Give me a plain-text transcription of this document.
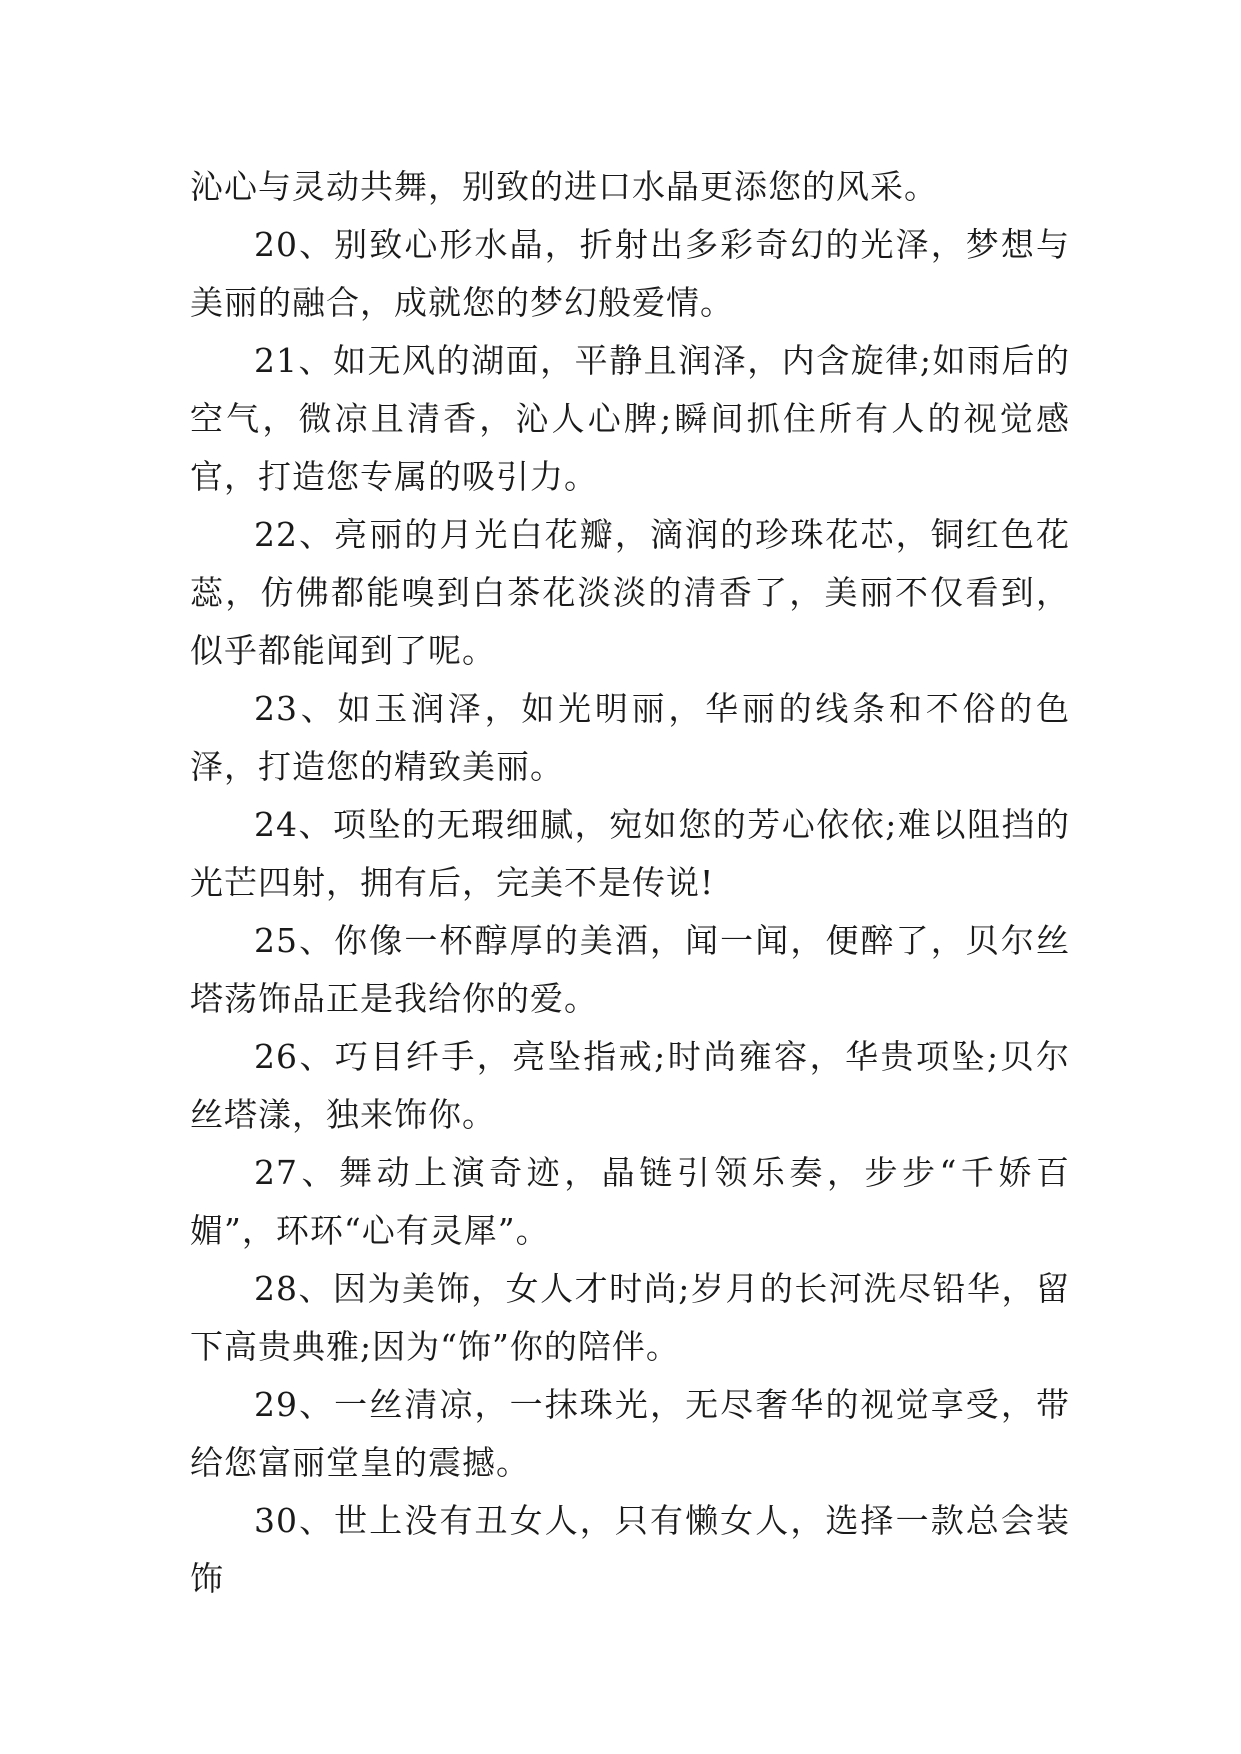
沁心与灵动共舞，别致的进口水晶更添您的风采。

20、别致心形水晶，折射出多彩奇幻的光泽，梦想与美丽的融合，成就您的梦幻般爱情。

21、如无风的湖面，平静且润泽，内含旋律;如雨后的空气，微凉且清香，沁人心脾;瞬间抓住所有人的视觉感官，打造您专属的吸引力。

22、亮丽的月光白花瓣，滴润的珍珠花芯，铜红色花蕊，仿佛都能嗅到白茶花淡淡的清香了，美丽不仅看到，似乎都能闻到了呢。

23、如玉润泽，如光明丽，华丽的线条和不俗的色泽，打造您的精致美丽。

24、项坠的无瑕细腻，宛如您的芳心依依;难以阻挡的光芒四射，拥有后，完美不是传说!

25、你像一杯醇厚的美酒，闻一闻，便醉了，贝尔丝塔荡饰品正是我给你的爱。

26、巧目纤手，亮坠指戒;时尚雍容，华贵项坠;贝尔丝塔漾，独来饰你。

27、舞动上演奇迹，晶链引领乐奏，步步“千娇百媚”，环环“心有灵犀”。

28、因为美饰，女人才时尚;岁月的长河洗尽铅华，留下高贵典雅;因为“饰”你的陪伴。

29、一丝清凉，一抹珠光，无尽奢华的视觉享受，带给您富丽堂皇的震撼。

30、世上没有丑女人，只有懒女人，选择一款总会装饰
